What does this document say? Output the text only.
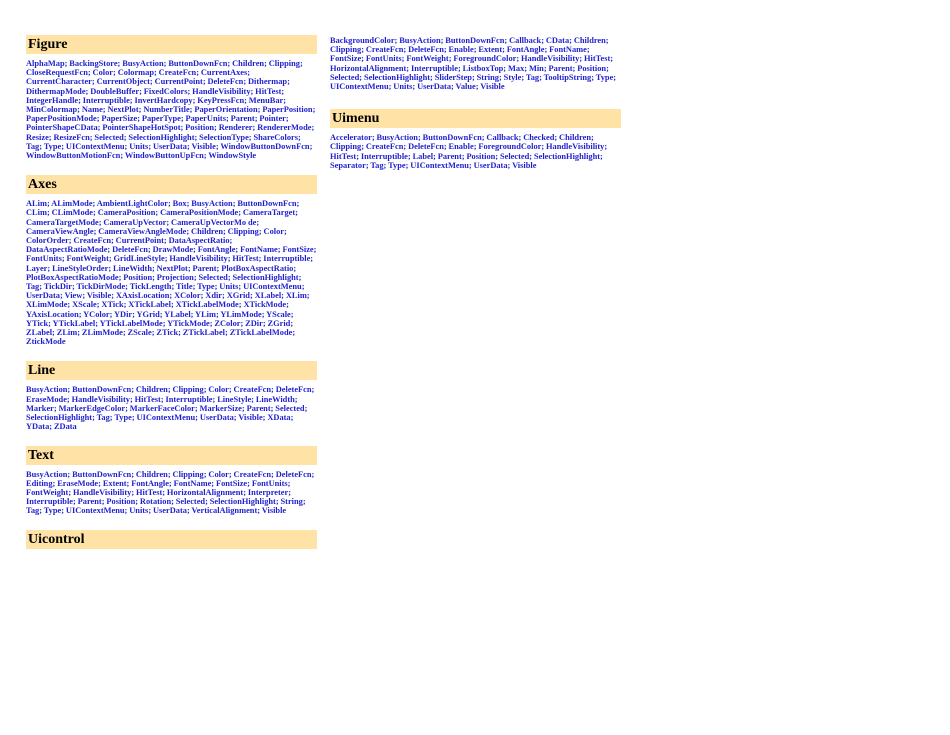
Figure

AlphaMap; BackingStore; BusyAction; ButtonDownFcn; Children; Clipping; CloseRequestFcn; Color; Colormap; CreateFcn; CurrentAxes; CurrentCharacter; CurrentObject; CurrentPoint; DeleteFcn; Dithermap; DithermapMode; DoubleBuffer; FixedColors; HandleVisibility; HitTest; IntegerHandle; Interruptible; InvertHardcopy; KeyPressFcn; MenuBar; MinColormap; Name; NextPlot; NumberTitle; PaperOrientation; PaperPosition; PaperPositionMode; PaperSize; PaperType; PaperUnits; Parent; Pointer; PointerShapeCData; PointerShapeHotSpot; Position; Renderer; RendererMode; Resize; ResizeFcn; Selected; SelectionHighlight; SelectionType; ShareColors; Tag; Type; UIContextMenu; Units; UserData; Visible; WindowButtonDownFcn; WindowButtonMotionFcn; WindowButtonUpFcn; WindowStyle

Axes

ALim; ALimMode; AmbientLightColor; Box; BusyAction; ButtonDownFcn; CLim; CLimMode; CameraPosition; CameraPositionMode; CameraTarget; CameraTargetMode; CameraUpVector; CameraUpVectorMo de; CameraViewAngle; CameraViewAngleMode; Children; Clipping; Color; ColorOrder; CreateFcn; CurrentPoint; DataAspectRatio; DataAspectRatioMode; DeleteFcn; DrawMode; FontAngle; FontName; FontSize; FontUnits; FontWeight; GridLineStyle; HandleVisibility; HitTest; Interruptible; Layer; LineStyleOrder; LineWidth; NextPlot; Parent; PlotBoxAspectRatio; PlotBoxAspectRatioMode; Position; Projection; Selected; SelectionHighlight; Tag; TickDir; TickDirMode; TickLength; Title; Type; Units; UIContextMenu; UserData; View; Visible; XAxisLocation; XColor; Xdir; XGrid; XLabel; XLim; XLimMode; XScale; XTick; XTickLabel; XTickLabelMode; XTickMode; YAxisLocation; YColor; YDir; YGrid; YLabel; YLim; YLimMode; YScale; YTick; YTickLabel; YTickLabelMode; YTickMode; ZColor; ZDir; ZGrid; ZLabel; ZLim; ZLimMode; ZScale; ZTick; ZTickLabel; ZTickLabelMode; ZtickMode

Line

BusyAction; ButtonDownFcn; Children; Clipping; Color; CreateFcn; DeleteFcn; EraseMode; HandleVisibility; HitTest; Interruptible; LineStyle; LineWidth; Marker; MarkerEdgeColor; MarkerFaceColor; MarkerSize; Parent; Selected; SelectionHighlight; Tag; Type; UIContextMenu; UserData; Visible; XData; YData; ZData

Text

BusyAction; ButtonDownFcn; Children; Clipping; Color; CreateFcn; DeleteFcn; Editing; EraseMode; Extent; FontAngle; FontName; FontSize; FontUnits; FontWeight; HandleVisibility; HitTest; HorizontalAlignment; Interpreter; Interruptible; Parent; Position; Rotation; Selected; SelectionHighlight; String; Tag; Type; UIContextMenu; Units; UserData; VerticalAlignment; Visible

Uicontrol

BackgroundColor; BusyAction; ButtonDownFcn; Callback; CData; Children; Clipping; CreateFcn; DeleteFcn; Enable; Extent; FontAngle; FontName; FontSize; FontUnits; FontWeight; ForegroundColor; HandleVisibility; HitTest; HorizontalAlignment; Interruptible; ListboxTop; Max; Min; Parent; Position; Selected; SelectionHighlight; SliderStep; String; Style; Tag; TooltipString; Type; UIContextMenu; Units; UserData; Value; Visible

Uimenu

Accelerator; BusyAction; ButtonDownFcn; Callback; Checked; Children; Clipping; CreateFcn; DeleteFcn; Enable; ForegroundColor; HandleVisibility; HitTest; Interruptible; Label; Parent; Position; Selected; SelectionHighlight; Separator; Tag; Type; UIContextMenu; UserData; Visible
